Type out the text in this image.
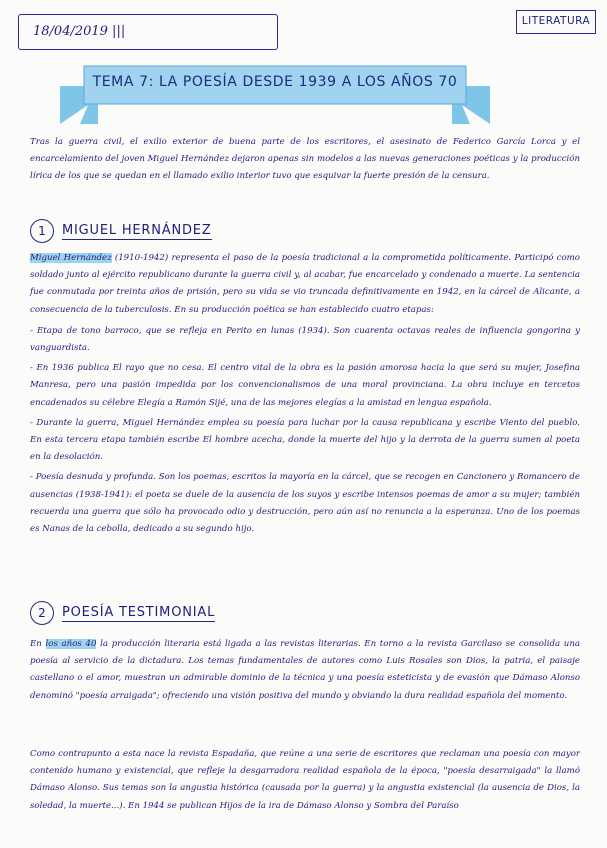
18/04/2019 |||
LITERATURA
TEMA 7: LA POESÍA DESDE 1939 A LOS AÑOS 70

Tras la guerra civil, el exilio exterior de buena parte de los escritores, el asesinato de Federico García Lorca y el encarcelamiento del joven Miguel Hernández dejaron apenas sin modelos a las nuevas generaciones poéticas y la producción lírica de los que se quedan en el llamado exilio interior tuvo que esquivar la fuerte presión de la censura.

1	MIGUEL HERNÁNDEZ
Miguel Hernández (1910-1942) representa el paso de la poesía tradicional a la comprometida políticamente. Participó como soldado junto al ejército republicano durante la guerra civil y, al acabar, fue encarcelado y condenado a muerte. La sentencia fue conmutada por treinta años de prisión, pero su vida se vio truncada definitivamente en 1942, en la cárcel de Alicante, a consecuencia de la tuberculosis. En su producción poética se han establecido cuatro etapas:
- Etapa de tono barroco, que se refleja en Perito en lunas (1934). Son cuarenta octavas reales de influencia gongorina y vanguardista.
- En 1936 publica El rayo que no cesa. El centro vital de la obra es la pasión amorosa hacia la que será su mujer, Josefina Manresa, pero una pasión impedida por los convencionalismos de una moral provinciana. La obra incluye en tercetos encadenados su célebre Elegía a Ramón Sijé, una de las mejores elegías a la amistad en lengua española.
- Durante la guerra, Miguel Hernández emplea su poesía para luchar por la causa republicana y escribe Viento del pueblo. En esta tercera etapa también escribe El hombre acecha, donde la muerte del hijo y la derrota de la guerra sumen al poeta en la desolación.
- Poesía desnuda y profunda. Son los poemas, escritos la mayoría en la cárcel, que se recogen en Cancionero y Romancero de ausencias (1938-1941): el poeta se duele de la ausencia de los suyos y escribe intensos poemas de amor a su mujer; también recuerda una guerra que sólo ha provocado odio y destrucción, pero aún así no renuncia a la esperanza. Uno de los poemas es Nanas de la cebolla, dedicado a su segundo hijo.
2	POESÍA TESTIMONIAL

En los años 40 la producción literaria está ligada a las revistas literarias. En torno a la revista Garcilaso se consolida una poesía al servicio de la dictadura. Los temas fundamentales de autores como Luis Rosales son Dios, la patria, el paisaje castellano o el amor, muestran un admirable dominio de la técnica y una poesía esteticista y de evasión que Dámaso Alonso denominó "poesía arraigada"; ofreciendo una visión positiva del mundo y obviando la dura realidad española del momento.

Como contrapunto a esta nace la revista Espadaña, que reúne a una serie de escritores que reclaman una poesía con mayor contenido humano y existencial, que refleje la desgarradora realidad española de la época, "poesía desarraigada" la llamó Dámaso Alonso. Sus temas son la angustia histórica (causada por la guerra) y la angustia existencial (la ausencia de Dios, la soledad, la muerte...). En 1944 se publican Hijos de la ira de Dámaso Alonso y Sombra del Paraíso
